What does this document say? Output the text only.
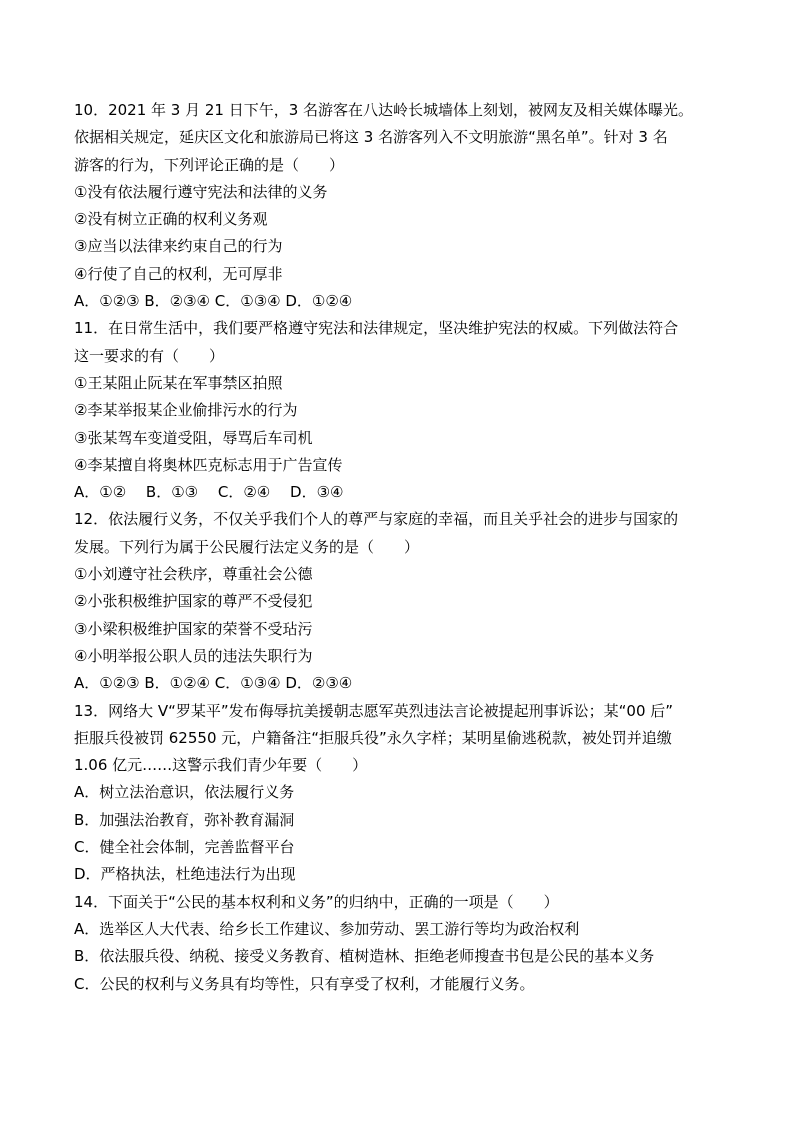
10．2021 年 3 月 21 日下午，3 名游客在八达岭长城墙体上刻划，被网友及相关媒体曝光。
依据相关规定，延庆区文化和旅游局已将这 3 名游客列入不文明旅游“黑名单”。针对 3 名
游客的行为，下列评论正确的是（　　）
①没有依法履行遵守宪法和法律的义务
②没有树立正确的权利义务观
③应当以法律来约束自己的行为
④行使了自己的权利，无可厚非
A．①②③ B．②③④ C．①③④ D．①②④
11．在日常生活中，我们要严格遵守宪法和法律规定，坚决维护宪法的权威。下列做法符合
这一要求的有（　　）
①王某阻止阮某在军事禁区拍照
②李某举报某企业偷排污水的行为
③张某驾车变道受阻，辱骂后车司机
④李某擅自将奥林匹克标志用于广告宣传
A．①②　 B．①③　 C．②④　 D．③④
12．依法履行义务，不仅关乎我们个人的尊严与家庭的幸福，而且关乎社会的进步与国家的
发展。下列行为属于公民履行法定义务的是（　　）
①小刘遵守社会秩序，尊重社会公德
②小张积极维护国家的尊严不受侵犯
③小梁积极维护国家的荣誉不受玷污
④小明举报公职人员的违法失职行为
A．①②③ B．①②④ C．①③④ D．②③④
13．网络大 V“罗某平”发布侮辱抗美援朝志愿军英烈违法言论被提起刑事诉讼；某“00 后”
拒服兵役被罚 62550 元，户籍备注“拒服兵役”永久字样；某明星偷逃税款，被处罚并追缴
1.06 亿元……这警示我们青少年要（　　）
A．树立法治意识，依法履行义务
B．加强法治教育，弥补教育漏洞
C．健全社会体制，完善监督平台
D．严格执法，杜绝违法行为出现
14．下面关于“公民的基本权利和义务”的归纳中，正确的一项是（　　）
A．选举区人大代表、给乡长工作建议、参加劳动、罢工游行等均为政治权利
B．依法服兵役、纳税、接受义务教育、植树造林、拒绝老师搜查书包是公民的基本义务
C．公民的权利与义务具有均等性，只有享受了权利，才能履行义务。
